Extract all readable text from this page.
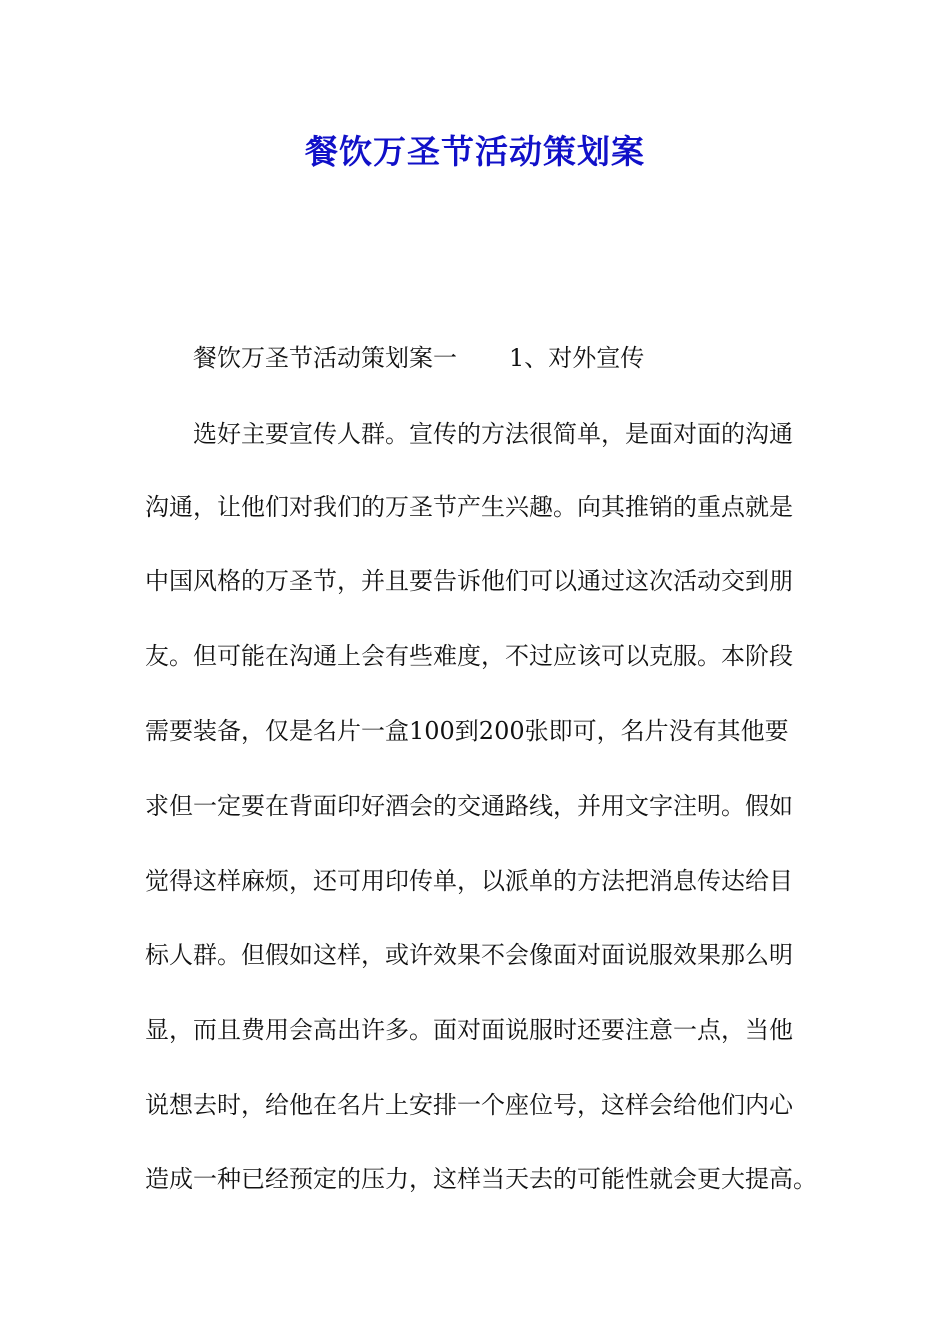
餐饮万圣节活动策划案
餐饮万圣节活动策划案一 1、对外宣传
选好主要宣传人群。宣传的方法很简单，是面对面的沟通
沟通，让他们对我们的万圣节产生兴趣。向其推销的重点就是
中国风格的万圣节，并且要告诉他们可以通过这次活动交到朋
友。但可能在沟通上会有些难度，不过应该可以克服。本阶段
需要装备，仅是名片一盒100到200张即可，名片没有其他要
求但一定要在背面印好酒会的交通路线，并用文字注明。假如
觉得这样麻烦，还可用印传单，以派单的方法把消息传达给目
标人群。但假如这样，或许效果不会像面对面说服效果那么明
显，而且费用会高出许多。面对面说服时还要注意一点，当他
说想去时，给他在名片上安排一个座位号，这样会给他们内心
造成一种已经预定的压力，这样当天去的可能性就会更大提高。
